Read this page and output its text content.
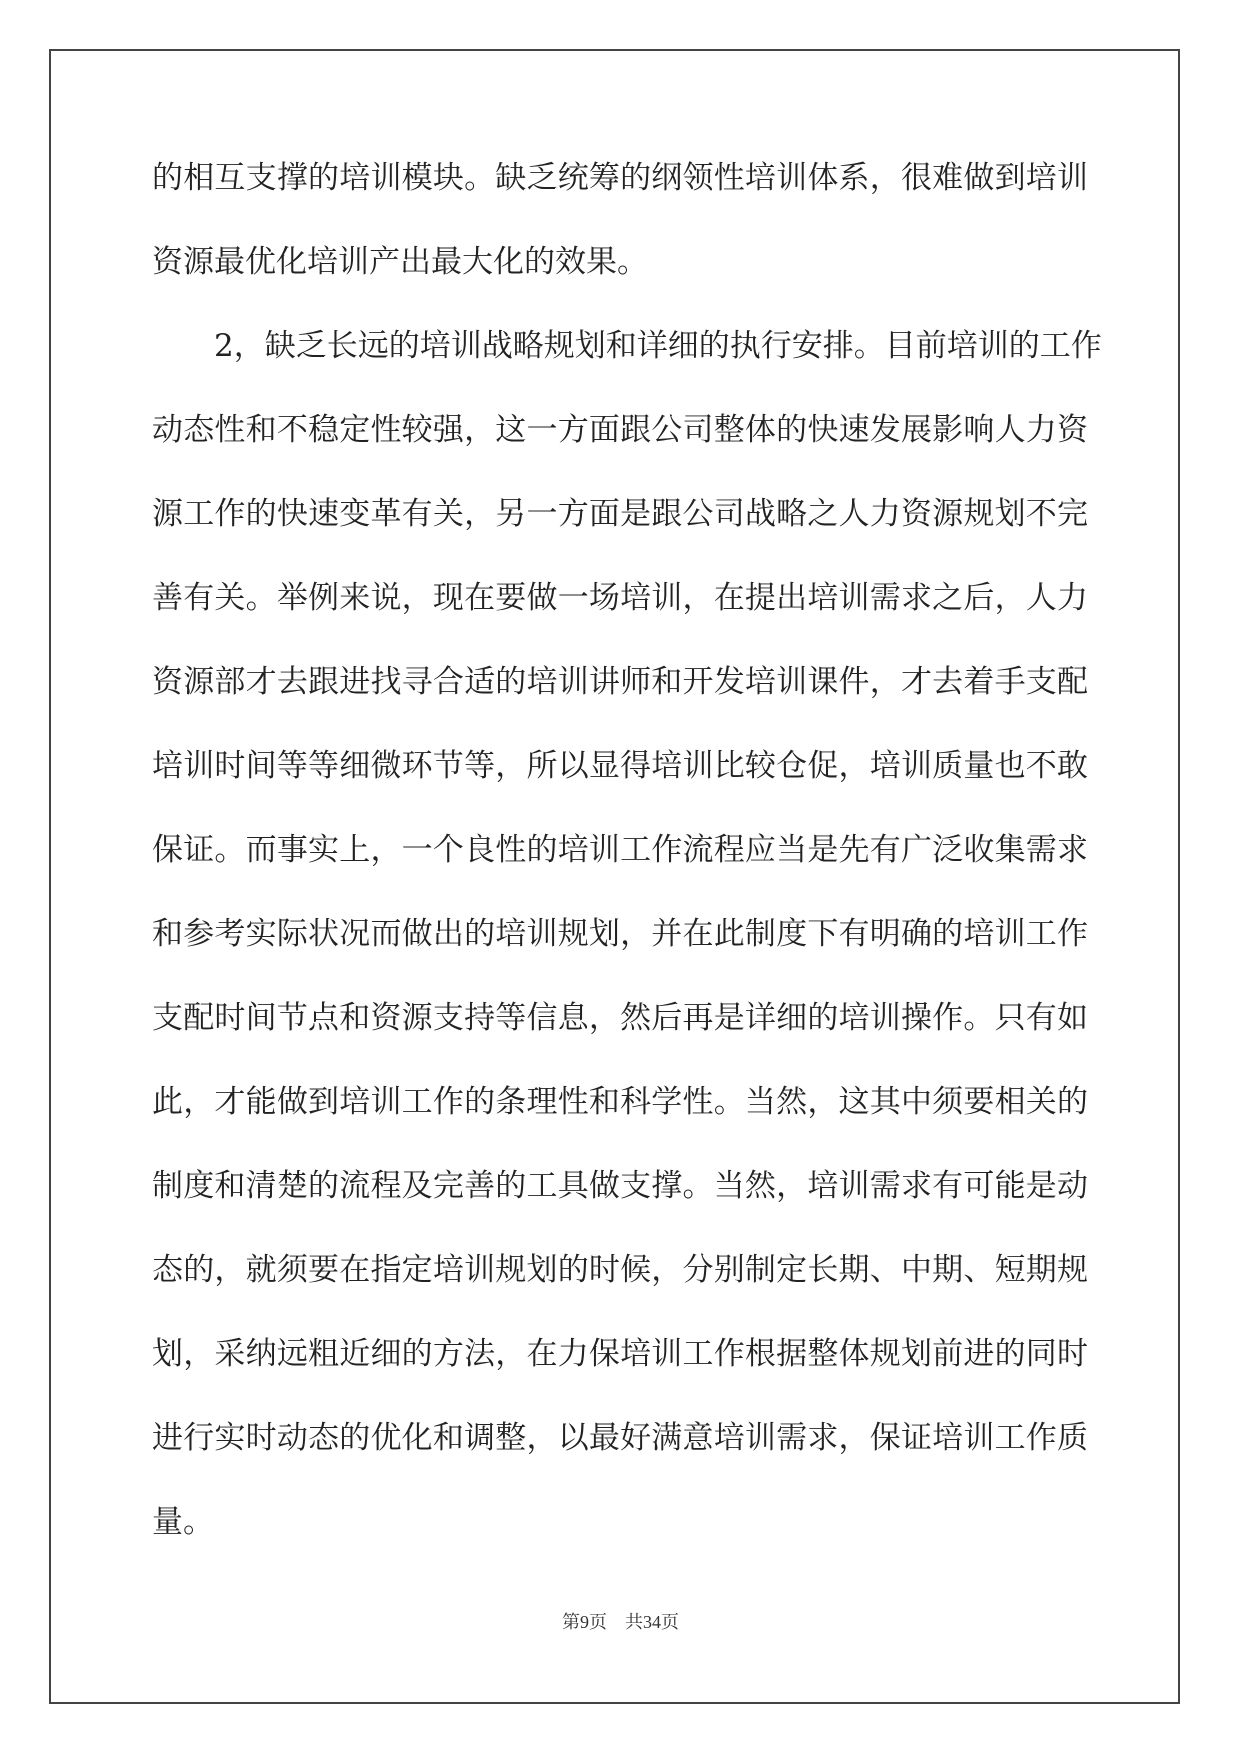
的相互支撑的培训模块。缺乏统筹的纲领性培训体系，很难做到培训
资源最优化培训产出最大化的效果。
2，缺乏长远的培训战略规划和详细的执行安排。目前培训的工作
动态性和不稳定性较强，这一方面跟公司整体的快速发展影响人力资
源工作的快速变革有关，另一方面是跟公司战略之人力资源规划不完
善有关。举例来说，现在要做一场培训，在提出培训需求之后，人力
资源部才去跟进找寻合适的培训讲师和开发培训课件，才去着手支配
培训时间等等细微环节等，所以显得培训比较仓促，培训质量也不敢
保证。而事实上，一个良性的培训工作流程应当是先有广泛收集需求
和参考实际状况而做出的培训规划，并在此制度下有明确的培训工作
支配时间节点和资源支持等信息，然后再是详细的培训操作。只有如
此，才能做到培训工作的条理性和科学性。当然，这其中须要相关的
制度和清楚的流程及完善的工具做支撑。当然，培训需求有可能是动
态的，就须要在指定培训规划的时候，分别制定长期、中期、短期规
划，采纳远粗近细的方法，在力保培训工作根据整体规划前进的同时
进行实时动态的优化和调整，以最好满意培训需求，保证培训工作质
量。
第9页 共34页
